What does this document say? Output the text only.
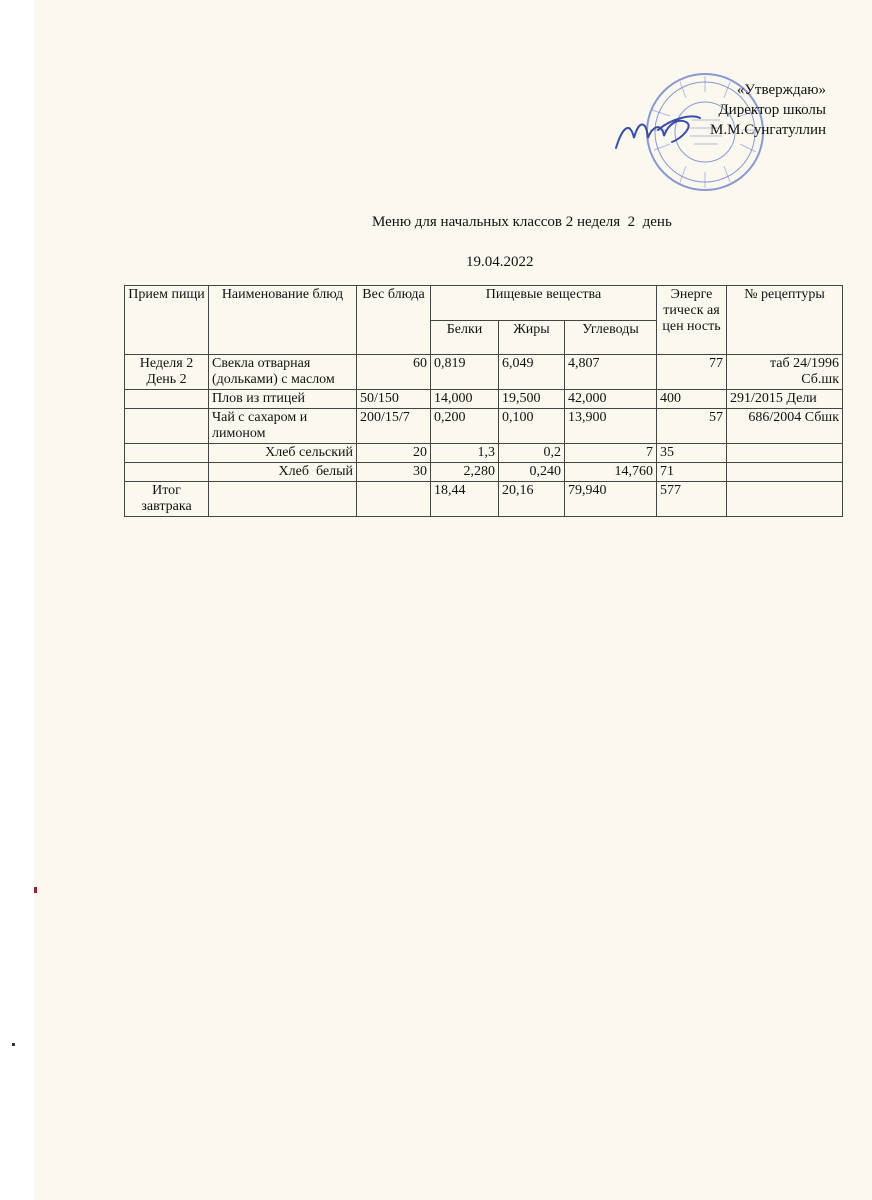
«Утверждаю»
Директор школы
М.М.Сунгатуллин
Меню для начальных классов 2 неделя  2  день
19.04.2022
Прием пищи	Наименование блюд	Вес блюда	Пищевые вещества			Энерге тическ ая цен ность	№ рецептуры
			Белки	Жиры	Углеводы		
Неделя 2 День 2	Свекла отварная (дольками) с маслом	60	0,819	6,049	4,807	77	таб 24/1996 Сб.шк
	Плов из птицей	50/150	14,000	19,500	42,000	400	291/2015 Дели
	Чай с сахаром и лимоном	200/15/7	0,200	0,100	13,900	57	686/2004 Сбшк
	Хлеб сельский	20	1,3	0,2	7	35	
	Хлеб  белый	30	2,280	0,240	14,760	71	
Итог завтрака			18,44	20,16	79,940	577	
